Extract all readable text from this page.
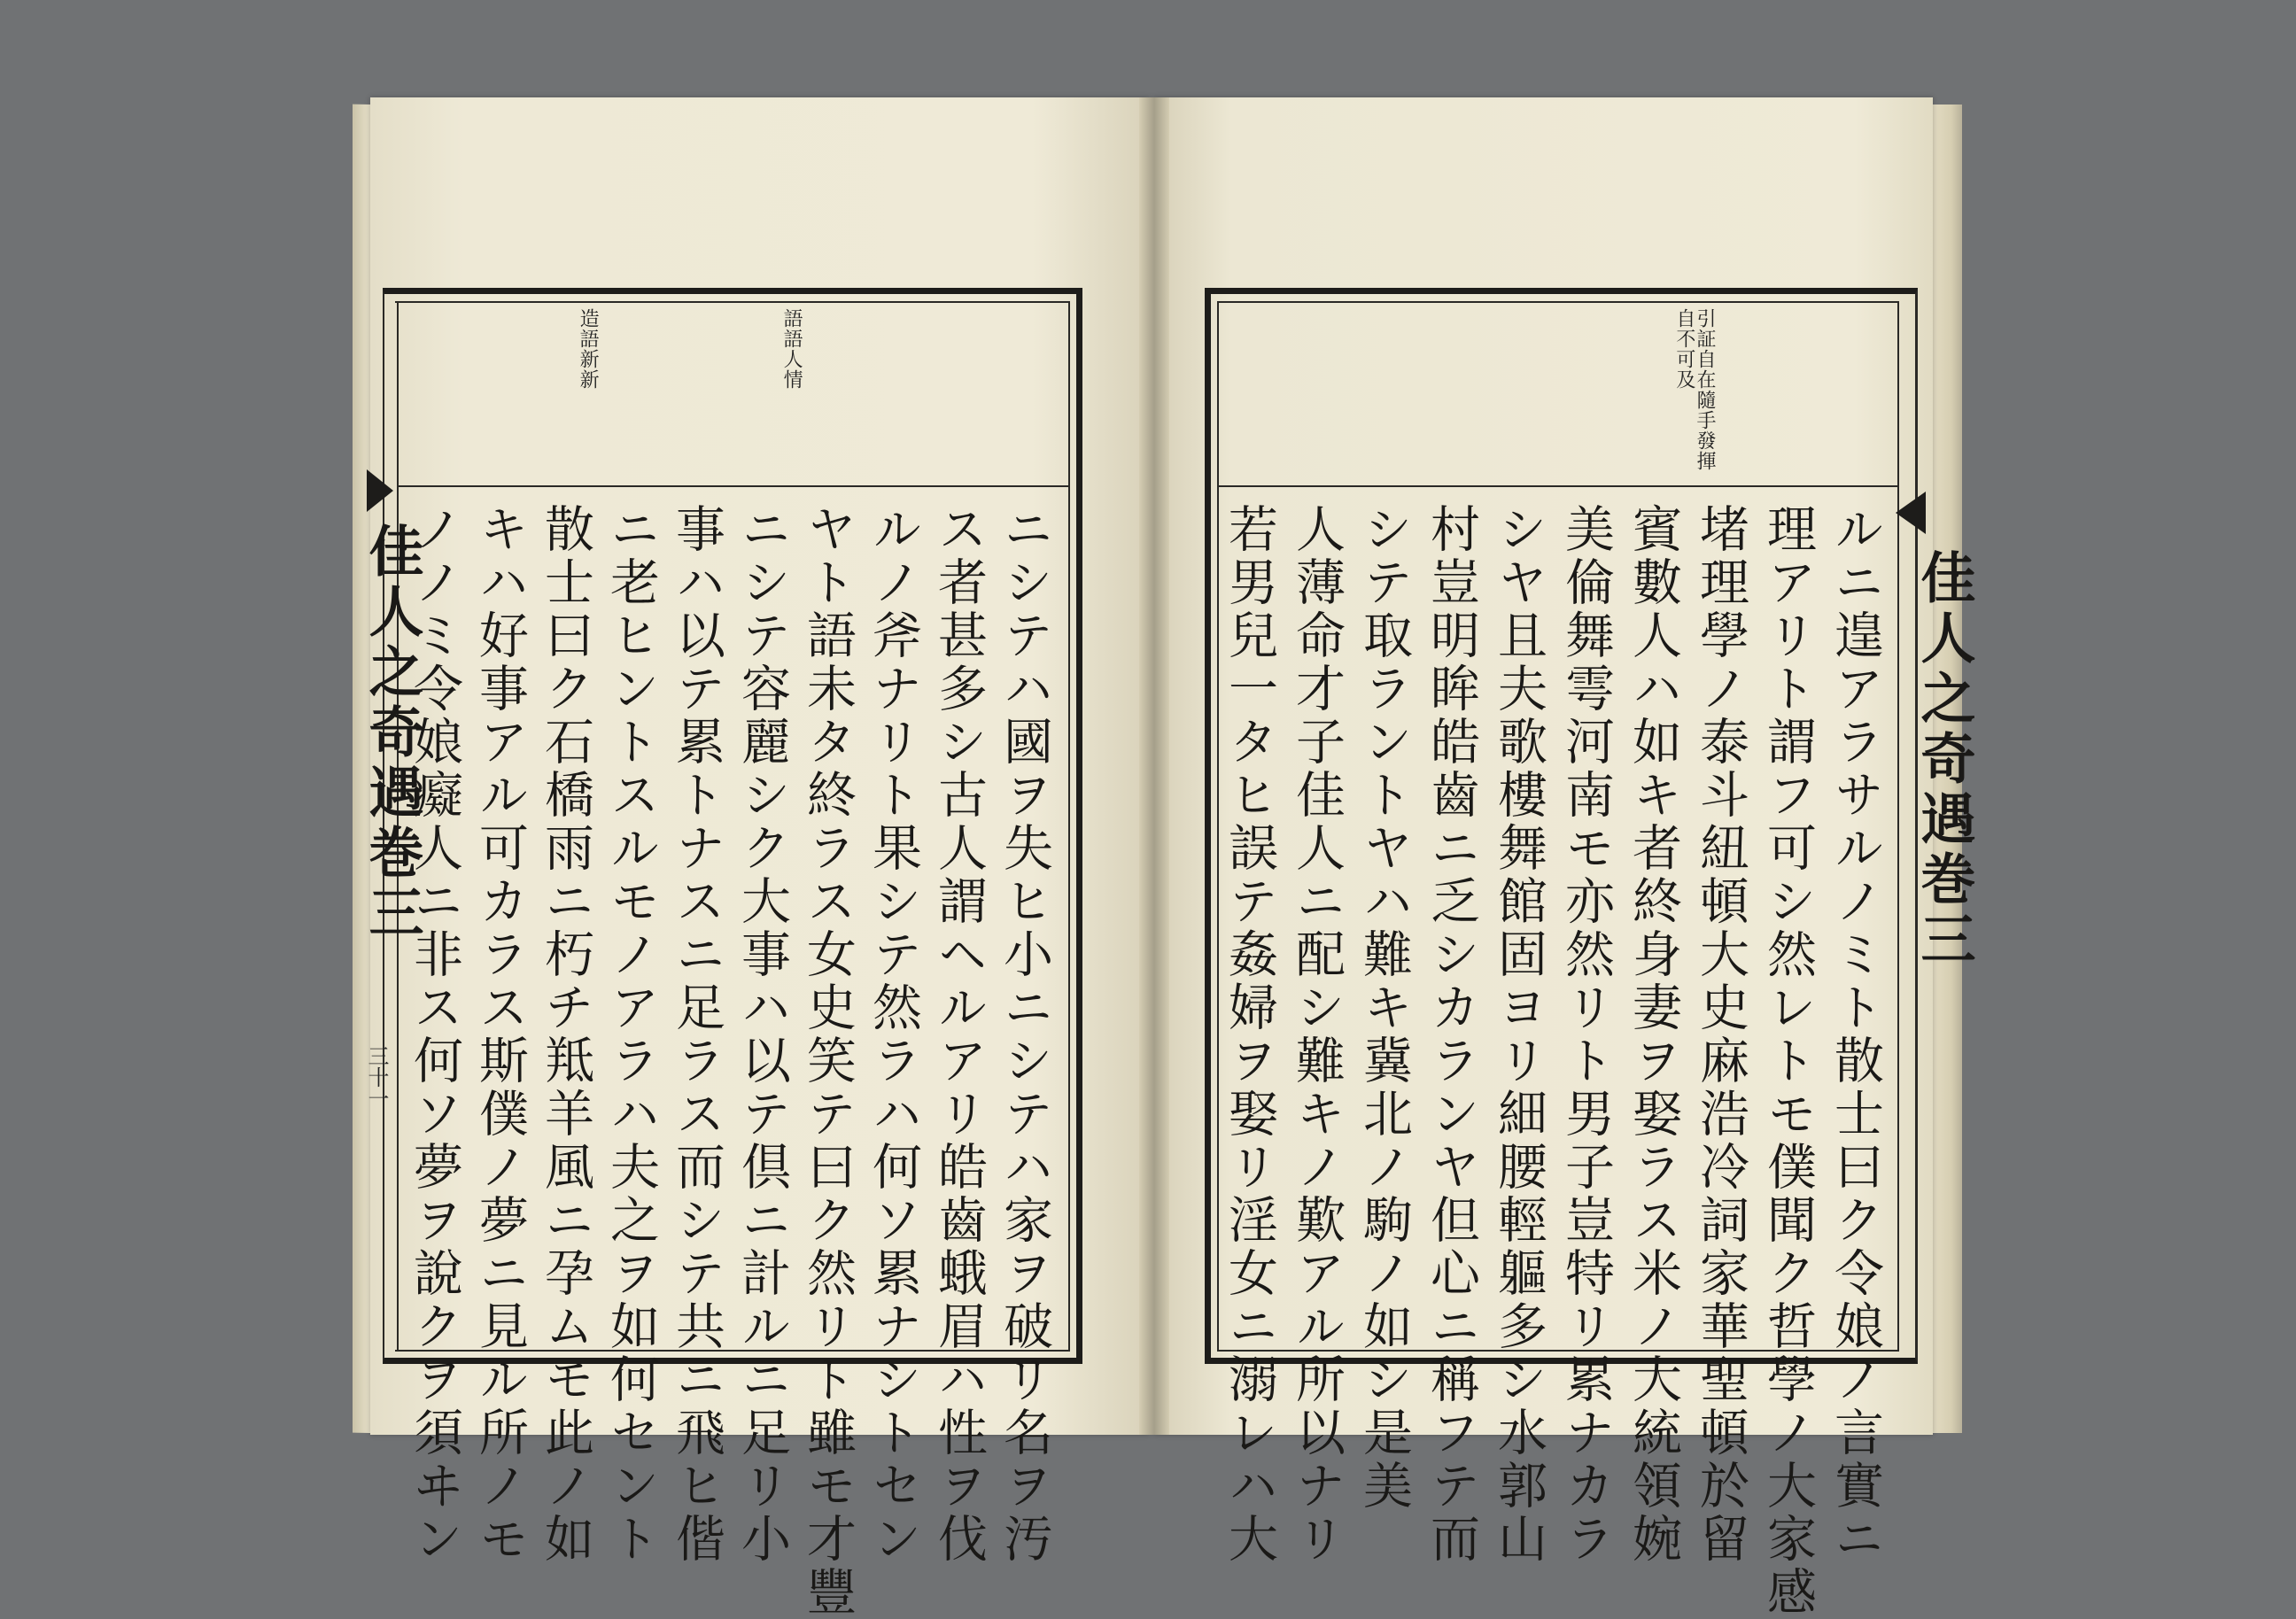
佳人之奇遇巻三
三十一
語語人情
造語新新
ニシテハ國ヲ失ヒ小ニシテハ家ヲ破リ名ヲ汚
ス者甚多シ古人謂ヘルアリ皓齒蛾眉ハ性ヲ伐
ルノ斧ナリト果シテ然ラハ何ソ累ナシトセン
ヤト語未タ終ラス女史笑テ曰ク然リト雖モ才豐
ニシテ容麗シク大事ハ以テ倶ニ計ルニ足リ小
事ハ以テ累トナスニ足ラス而シテ共ニ飛ヒ偕
ニ老ヒントスルモノアラハ夫之ヲ如何セント
散士曰ク石橋雨ニ朽チ羝羊風ニ孕ムモ此ノ如
キハ好事アル可カラス斯僕ノ夢ニ見ル所ノモ
ノノミ令娘癡人ニ非ス何ソ夢ヲ說クヲ須ヰン	佳人之奇遇巻三
引証自在隨手發揮自不可及
ルニ遑アラサルノミト散士曰ク令娘ノ言實ニ
理アリト謂フ可シ然レトモ僕聞ク哲學ノ大家感
堵理學ノ泰斗紐頓大史麻浩冷詞家華聖頓於留
賓數人ハ如キ者終身妻ヲ娶ラス米ノ大統領婉
美倫舞雩河南モ亦然リト男子豈特リ累ナカラ
シヤ且夫歌樓舞館固ヨリ細腰輕軀多シ水郭山
村豈明眸皓齒ニ乏シカランヤ但心ニ稱フテ而
シテ取ラントヤハ難キ冀北ノ駒ノ如シ是美
人薄命才子佳人ニ配シ難キノ歎アル所以ナリ
若男兒一タヒ誤テ姦婦ヲ娶リ淫女ニ溺レハ大
